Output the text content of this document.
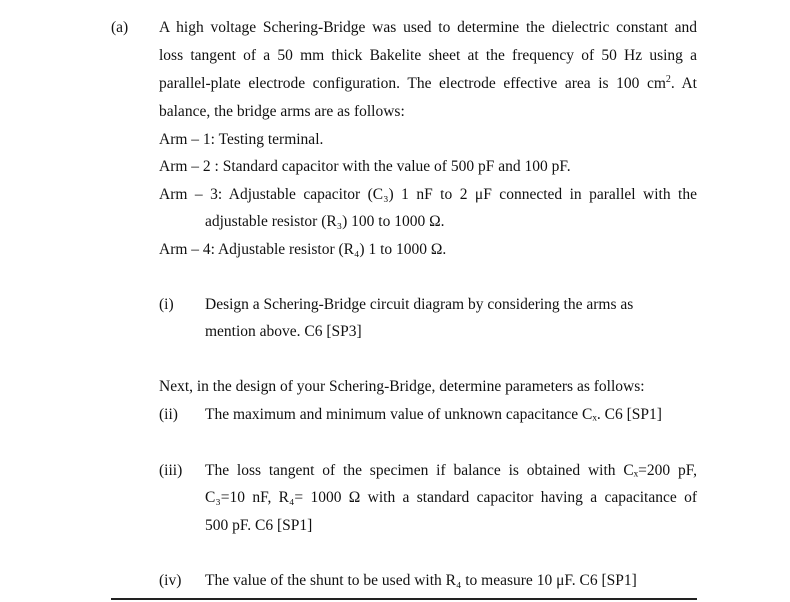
(a) A high voltage Schering-Bridge was used to determine the dielectric constant and
loss tangent of a 50 mm thick Bakelite sheet at the frequency of 50 Hz using a
parallel-plate electrode configuration. The electrode effective area is 100 $cm^2$. At
balance, the bridge arms are as follows:
Arm – 1: Testing terminal.
Arm – 2 : Standard capacitor with the value of 500 pF and 100 pF.
Arm – 3: Adjustable capacitor (C₃) 1 nF to 2 μF connected in parallel with the
adjustable resistor (R₃) 100 to 1000 Ω.
Arm – 4: Adjustable resistor (R₄) 1 to 1000 Ω.
(i) Design a Schering-Bridge circuit diagram by considering the arms as
mention above. C6 [SP3]
Next, in the design of your Schering-Bridge, determine parameters as follows:
(ii) The maximum and minimum value of unknown capacitance Cₓ. C6 [SP1]
(iii) The loss tangent of the specimen if balance is obtained with Cₓ=200 pF,
C₃=10 nF, R₄= 1000 Ω with a standard capacitor having a capacitance of
500 pF. C6 [SP1]
(iv) The value of the shunt to be used with R₄ to measure 10 μF. C6 [SP1]
